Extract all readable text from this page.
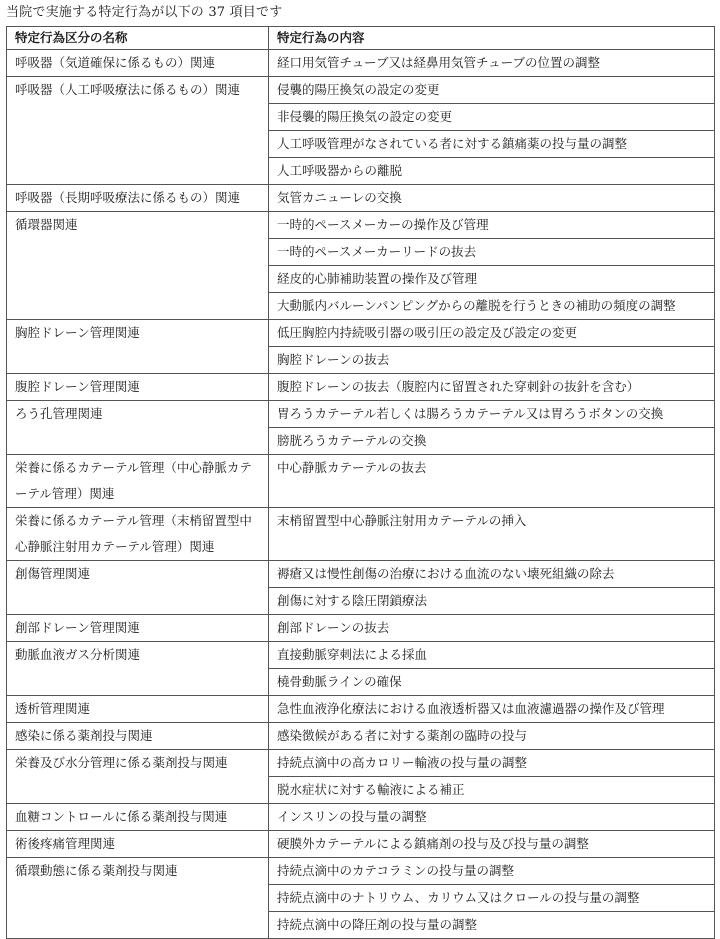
当院で実施する特定行為が以下の 37 項目です
特定行為区分の名称	特定行為の内容
呼吸器（気道確保に係るもの）関連	経口用気管チューブ又は経鼻用気管チューブの位置の調整
呼吸器（人工呼吸療法に係るもの）関連	侵襲的陽圧換気の設定の変更
	非侵襲的陽圧換気の設定の変更
	人工呼吸管理がなされている者に対する鎮痛薬の投与量の調整
	人工呼吸器からの離脱
呼吸器（長期呼吸療法に係るもの）関連	気管カニューレの交換
循環器関連	一時的ペースメーカーの操作及び管理
	一時的ペースメーカーリードの抜去
	経皮的心肺補助装置の操作及び管理
	大動脈内バルーンパンピングからの離脱を行うときの補助の頻度の調整
胸腔ドレーン管理関連	低圧胸腔内持続吸引器の吸引圧の設定及び設定の変更
	胸腔ドレーンの抜去
腹腔ドレーン管理関連	腹腔ドレーンの抜去（腹腔内に留置された穿刺針の抜針を含む）
ろう孔管理関連	胃ろうカテーテル若しくは腸ろうカテーテル又は胃ろうボタンの交換
	膀胱ろうカテーテルの交換
栄養に係るカテーテル管理（中心静脈カテーテル管理）関連	中心静脈カテーテルの抜去
栄養に係るカテーテル管理（末梢留置型中心静脈注射用カテーテル管理）関連	末梢留置型中心静脈注射用カテーテルの挿入
創傷管理関連	褥瘡又は慢性創傷の治療における血流のない壊死組織の除去
	創傷に対する陰圧閉鎖療法
創部ドレーン管理関連	創部ドレーンの抜去
動脈血液ガス分析関連	直接動脈穿刺法による採血
	橈骨動脈ラインの確保
透析管理関連	急性血液浄化療法における血液透析器又は血液濾過器の操作及び管理
感染に係る薬剤投与関連	感染徴候がある者に対する薬剤の臨時の投与
栄養及び水分管理に係る薬剤投与関連	持続点滴中の高カロリー輸液の投与量の調整
	脱水症状に対する輸液による補正
血糖コントロールに係る薬剤投与関連	インスリンの投与量の調整
術後疼痛管理関連	硬膜外カテーテルによる鎮痛剤の投与及び投与量の調整
循環動態に係る薬剤投与関連	持続点滴中のカテコラミンの投与量の調整
	持続点滴中のナトリウム、カリウム又はクロールの投与量の調整
	持続点滴中の降圧剤の投与量の調整
